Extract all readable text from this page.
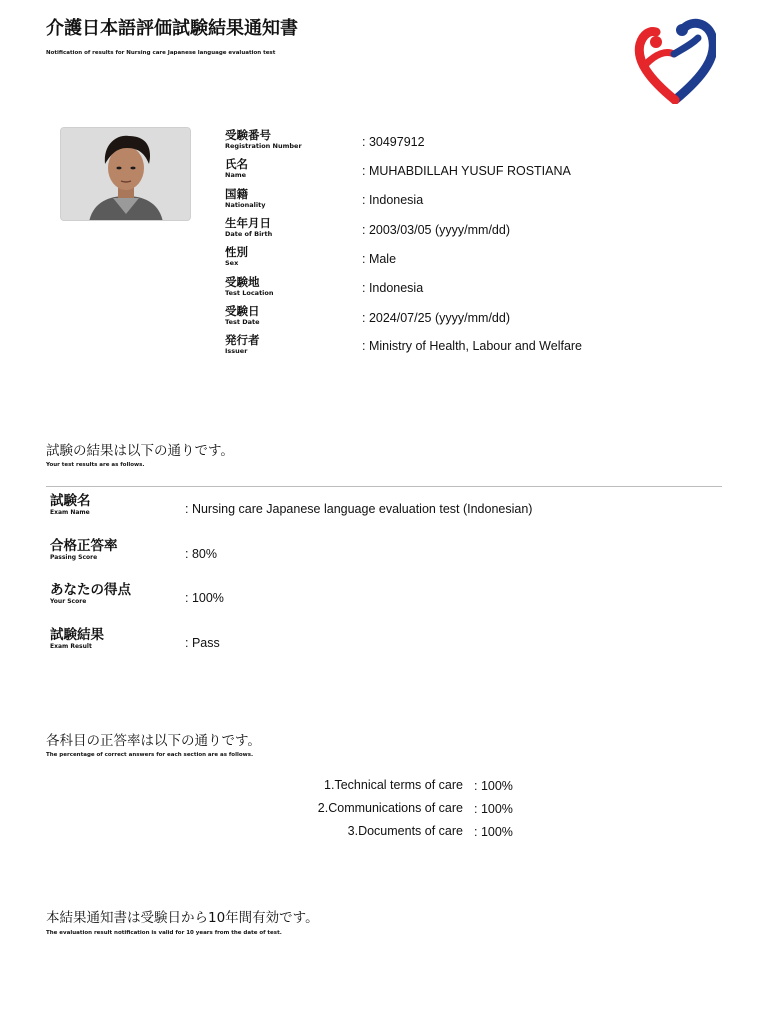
介護日本語評価試験結果通知書
Notification of results for Nursing care Japanese language evaluation test
受験番号
Registration Number	: 30497912
氏名
Name	: MUHABDILLAH YUSUF ROSTIANA
国籍
Nationality	: Indonesia
生年月日
Date of Birth	: 2003/03/05 (yyyy/mm/dd)
性別
Sex	: Male
受験地
Test Location	: Indonesia
受験日
Test Date	: 2024/07/25 (yyyy/mm/dd)
発行者
Issuer	: Ministry of Health, Labour and Welfare
試験の結果は以下の通りです。
Your test results are as follows.
試験名
Exam Name	: Nursing care Japanese language evaluation test (Indonesian)
合格正答率
Passing Score	: 80%
あなたの得点
Your Score	: 100%
試験結果
Exam Result	: Pass
各科目の正答率は以下の通りです。
The percentage of correct answers for each section are as follows.
1.Technical terms of care : 100%
2.Communications of care : 100%
3.Documents of care : 100%
本結果通知書は受験日から10年間有効です。
The evaluation result notification is valid for 10 years from the date of test.
